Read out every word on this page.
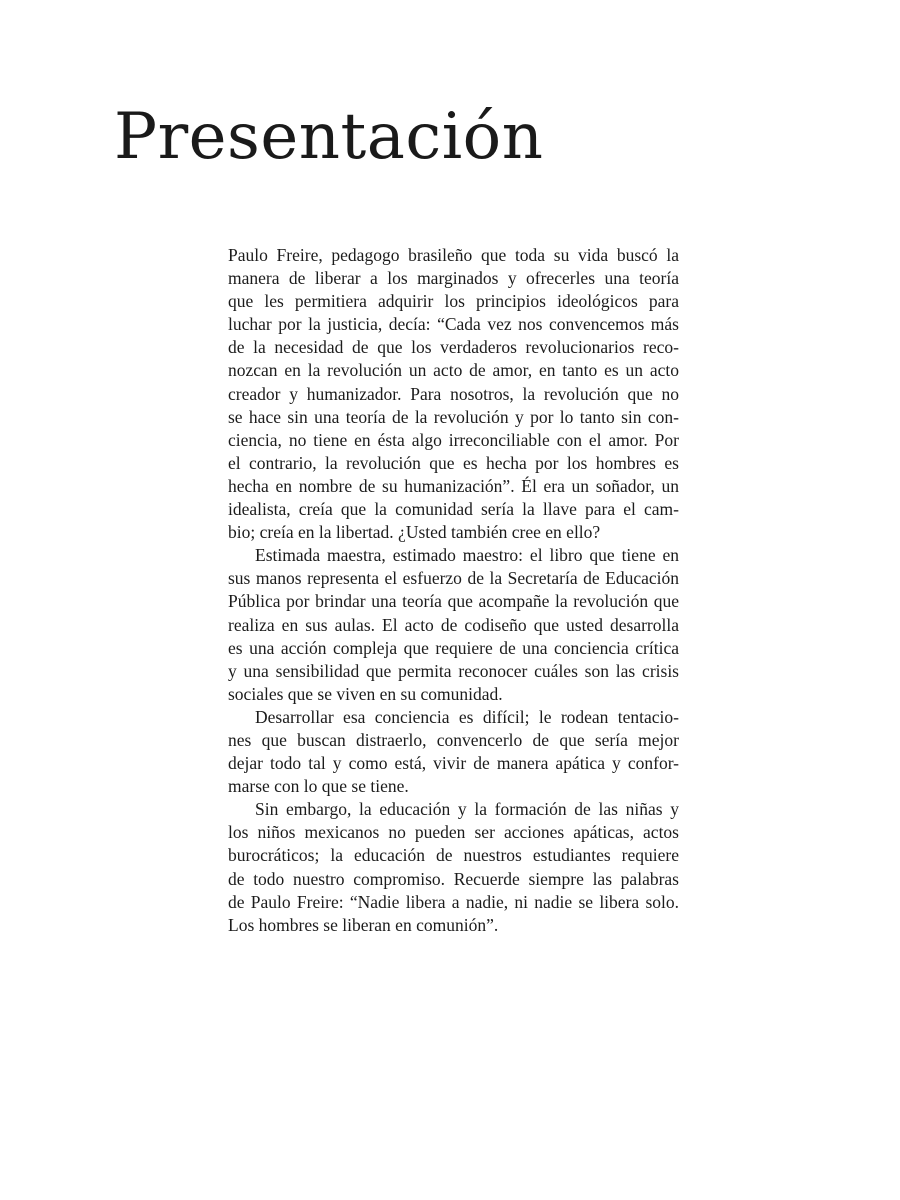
Presentación
Paulo Freire, pedagogo brasileño que toda su vida buscó la
manera de liberar a los marginados y ofrecerles una teoría
que les permitiera adquirir los principios ideológicos para
luchar por la justicia, decía: “Cada vez nos convencemos más
de la necesidad de que los verdaderos revolucionarios reco-
nozcan en la revolución un acto de amor, en tanto es un acto
creador y humanizador. Para nosotros, la revolución que no
se hace sin una teoría de la revolución y por lo tanto sin con-
ciencia, no tiene en ésta algo irreconciliable con el amor. Por
el contrario, la revolución que es hecha por los hombres es
hecha en nombre de su humanización”. Él era un soñador, un
idealista, creía que la comunidad sería la llave para el cam-
bio; creía en la libertad. ¿Usted también cree en ello?
Estimada maestra, estimado maestro: el libro que tiene en
sus manos representa el esfuerzo de la Secretaría de Educación
Pública por brindar una teoría que acompañe la revolución que
realiza en sus aulas. El acto de codiseño que usted desarrolla
es una acción compleja que requiere de una conciencia crítica
y una sensibilidad que permita reconocer cuáles son las crisis
sociales que se viven en su comunidad.
Desarrollar esa conciencia es difícil; le rodean tentacio-
nes que buscan distraerlo, convencerlo de que sería mejor
dejar todo tal y como está, vivir de manera apática y confor-
marse con lo que se tiene.
Sin embargo, la educación y la formación de las niñas y
los niños mexicanos no pueden ser acciones apáticas, actos
burocráticos; la educación de nuestros estudiantes requiere
de todo nuestro compromiso. Recuerde siempre las palabras
de Paulo Freire: “Nadie libera a nadie, ni nadie se libera solo.
Los hombres se liberan en comunión”.
